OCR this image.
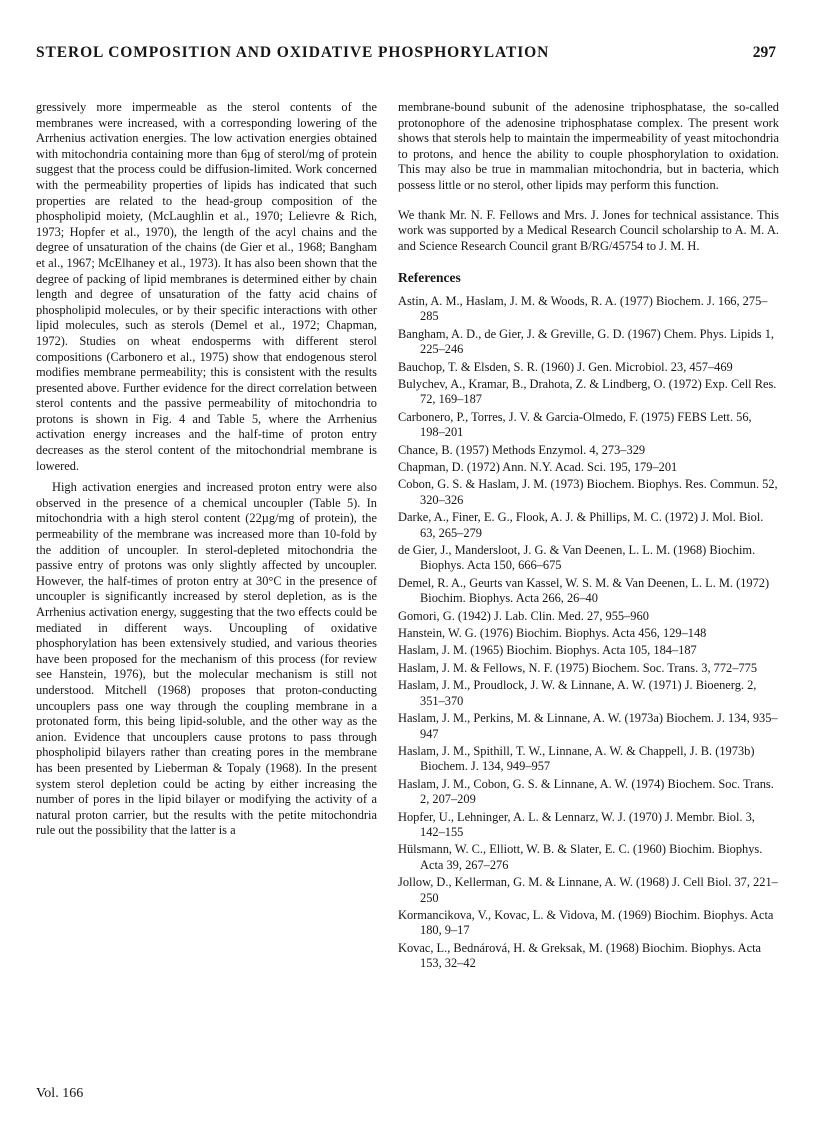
STEROL COMPOSITION AND OXIDATIVE PHOSPHORYLATION	297

gressively more impermeable as the sterol contents of the membranes were increased, with a corresponding lowering of the Arrhenius activation energies. The low activation energies obtained with mitochondria containing more than 6µg of sterol/mg of protein suggest that the process could be diffusion-limited. Work concerned with the permeability properties of lipids has indicated that such properties are related to the head-group composition of the phospholipid moiety, (McLaughlin et al., 1970; Lelievre & Rich, 1973; Hopfer et al., 1970), the length of the acyl chains and the degree of unsaturation of the chains (de Gier et al., 1968; Bangham et al., 1967; McElhaney et al., 1973). It has also been shown that the degree of packing of lipid membranes is determined either by chain length and degree of unsaturation of the fatty acid chains of phospholipid molecules, or by their specific interactions with other lipid molecules, such as sterols (Demel et al., 1972; Chapman, 1972). Studies on wheat endosperms with different sterol compositions (Carbonero et al., 1975) show that endogenous sterol modifies membrane permeability; this is consistent with the results presented above. Further evidence for the direct correlation between sterol contents and the passive permeability of mitochondria to protons is shown in Fig. 4 and Table 5, where the Arrhenius activation energy increases and the half-time of proton entry decreases as the sterol content of the mitochondrial membrane is lowered.

High activation energies and increased proton entry were also observed in the presence of a chemical uncoupler (Table 5). In mitochondria with a high sterol content (22µg/mg of protein), the permeability of the membrane was increased more than 10-fold by the addition of uncoupler. In sterol-depleted mitochondria the passive entry of protons was only slightly affected by uncoupler. However, the half-times of proton entry at 30°C in the presence of uncoupler is significantly increased by sterol depletion, as is the Arrhenius activation energy, suggesting that the two effects could be mediated in different ways. Uncoupling of oxidative phosphorylation has been extensively studied, and various theories have been proposed for the mechanism of this process (for review see Hanstein, 1976), but the molecular mechanism is still not understood. Mitchell (1968) proposes that proton-conducting uncouplers pass one way through the coupling membrane in a protonated form, this being lipid-soluble, and the other way as the anion. Evidence that uncouplers cause protons to pass through phospholipid bilayers rather than creating pores in the membrane has been presented by Lieberman & Topaly (1968). In the present system sterol depletion could be acting by either increasing the number of pores in the lipid bilayer or modifying the activity of a natural proton carrier, but the results with the petite mitochondria rule out the possibility that the latter is a

membrane-bound subunit of the adenosine triphosphatase, the so-called protonophore of the adenosine triphosphatase complex. The present work shows that sterols help to maintain the impermeability of yeast mitochondria to protons, and hence the ability to couple phosphorylation to oxidation. This may also be true in mammalian mitochondria, but in bacteria, which possess little or no sterol, other lipids may perform this function.

We thank Mr. N. F. Fellows and Mrs. J. Jones for technical assistance. This work was supported by a Medical Research Council scholarship to A. M. A. and Science Research Council grant B/RG/45754 to J. M. H.

References
Astin, A. M., Haslam, J. M. & Woods, R. A. (1977) Biochem. J. 166, 275–285
Bangham, A. D., de Gier, J. & Greville, G. D. (1967) Chem. Phys. Lipids 1, 225–246
Bauchop, T. & Elsden, S. R. (1960) J. Gen. Microbiol. 23, 457–469
Bulychev, A., Kramar, B., Drahota, Z. & Lindberg, O. (1972) Exp. Cell Res. 72, 169–187
Carbonero, P., Torres, J. V. & Garcia-Olmedo, F. (1975) FEBS Lett. 56, 198–201
Chance, B. (1957) Methods Enzymol. 4, 273–329
Chapman, D. (1972) Ann. N.Y. Acad. Sci. 195, 179–201
Cobon, G. S. & Haslam, J. M. (1973) Biochem. Biophys. Res. Commun. 52, 320–326
Darke, A., Finer, E. G., Flook, A. J. & Phillips, M. C. (1972) J. Mol. Biol. 63, 265–279
de Gier, J., Mandersloot, J. G. & Van Deenen, L. L. M. (1968) Biochim. Biophys. Acta 150, 666–675
Demel, R. A., Geurts van Kassel, W. S. M. & Van Deenen, L. L. M. (1972) Biochim. Biophys. Acta 266, 26–40
Gomori, G. (1942) J. Lab. Clin. Med. 27, 955–960
Hanstein, W. G. (1976) Biochim. Biophys. Acta 456, 129–148
Haslam, J. M. (1965) Biochim. Biophys. Acta 105, 184–187
Haslam, J. M. & Fellows, N. F. (1975) Biochem. Soc. Trans. 3, 772–775
Haslam, J. M., Proudlock, J. W. & Linnane, A. W. (1971) J. Bioenerg. 2, 351–370
Haslam, J. M., Perkins, M. & Linnane, A. W. (1973a) Biochem. J. 134, 935–947
Haslam, J. M., Spithill, T. W., Linnane, A. W. & Chappell, J. B. (1973b) Biochem. J. 134, 949–957
Haslam, J. M., Cobon, G. S. & Linnane, A. W. (1974) Biochem. Soc. Trans. 2, 207–209
Hopfer, U., Lehninger, A. L. & Lennarz, W. J. (1970) J. Membr. Biol. 3, 142–155
Hülsmann, W. C., Elliott, W. B. & Slater, E. C. (1960) Biochim. Biophys. Acta 39, 267–276
Jollow, D., Kellerman, G. M. & Linnane, A. W. (1968) J. Cell Biol. 37, 221–250
Kormancikova, V., Kovac, L. & Vidova, M. (1969) Biochim. Biophys. Acta 180, 9–17
Kovac, L., Bednárová, H. & Greksak, M. (1968) Biochim. Biophys. Acta 153, 32–42
Vol. 166
